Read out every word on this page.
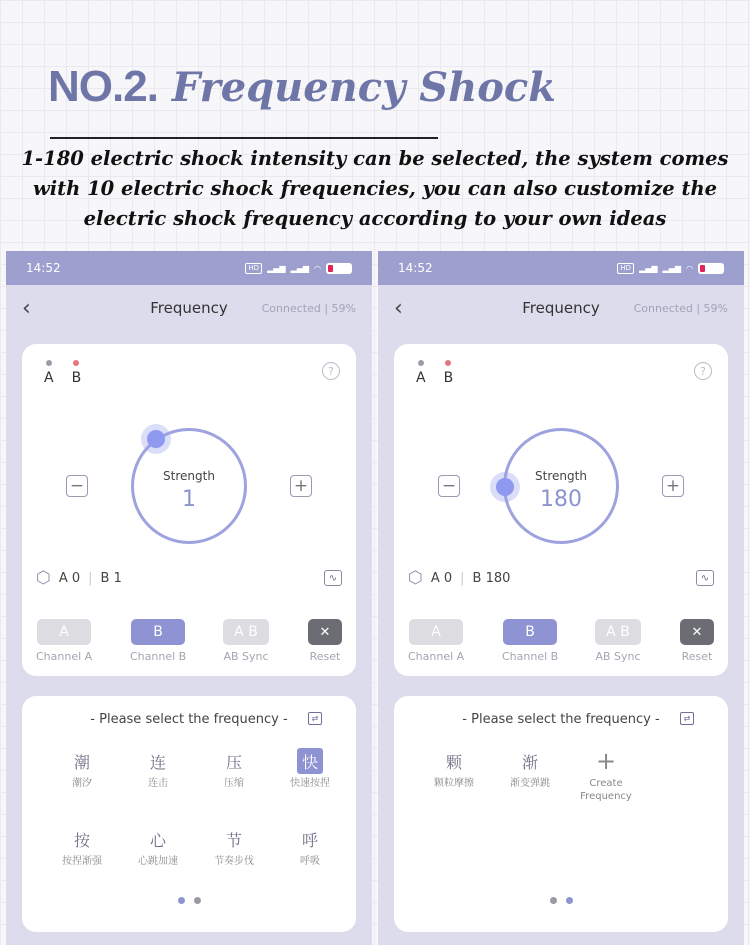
NO.2. Frequency Shock
1-180 electric shock intensity can be selected, the system comes
with 10 electric shock frequencies, you can also customize the
electric shock frequency according to your own ideas
14:52	HD	▂▄▆ ▂▄▆ ◠
‹	Frequency	Connected | 59%
A B	?
−	Strength
1
+
⬡ A 0 | B 1	∿
A
Channel A
B
Channel B
A B
AB Sync
✕
Reset
- Please select the frequency -	⇄
潮
潮汐
连
连击
压
压缩
快
快速按捏
按
按捏渐强
心
心跳加速
节
节奏步伐
呼
呼吸
14:52	HD	▂▄▆ ▂▄▆ ◠
‹	Frequency	Connected | 59%
A B	?
−	Strength
180
+
⬡ A 0 | B 180	∿
A
Channel A
B
Channel B
A B
AB Sync
✕
Reset
- Please select the frequency -	⇄
颗
颗粒摩擦
渐
渐变弹跳
+
Create
Frequency
